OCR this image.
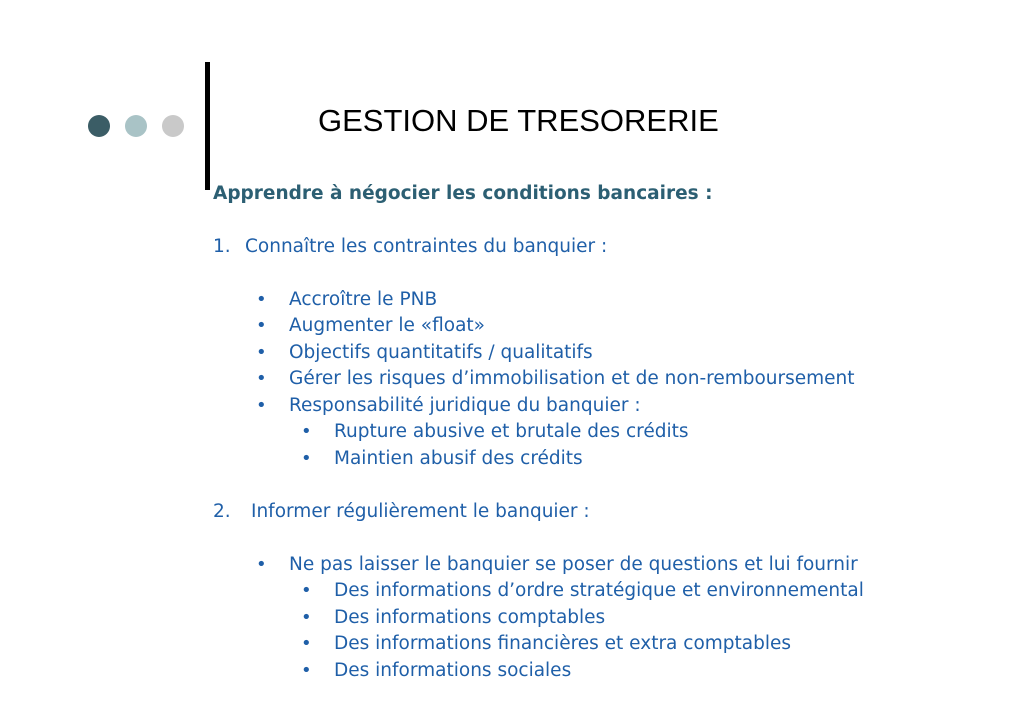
GESTION DE TRESORERIE
Apprendre à négocier les conditions bancaires :
1. Connaître les contraintes du banquier :
• Accroître le PNB
• Augmenter le «float»
• Objectifs quantitatifs / qualitatifs
• Gérer les risques d’immobilisation et de non-remboursement
• Responsabilité juridique du banquier :
• Rupture abusive et brutale des crédits
• Maintien abusif des crédits
2. Informer régulièrement le banquier :
• Ne pas laisser le banquier se poser de questions et lui fournir
• Des informations d’ordre stratégique et environnemental
• Des informations comptables
• Des informations financières et extra comptables
• Des informations sociales
